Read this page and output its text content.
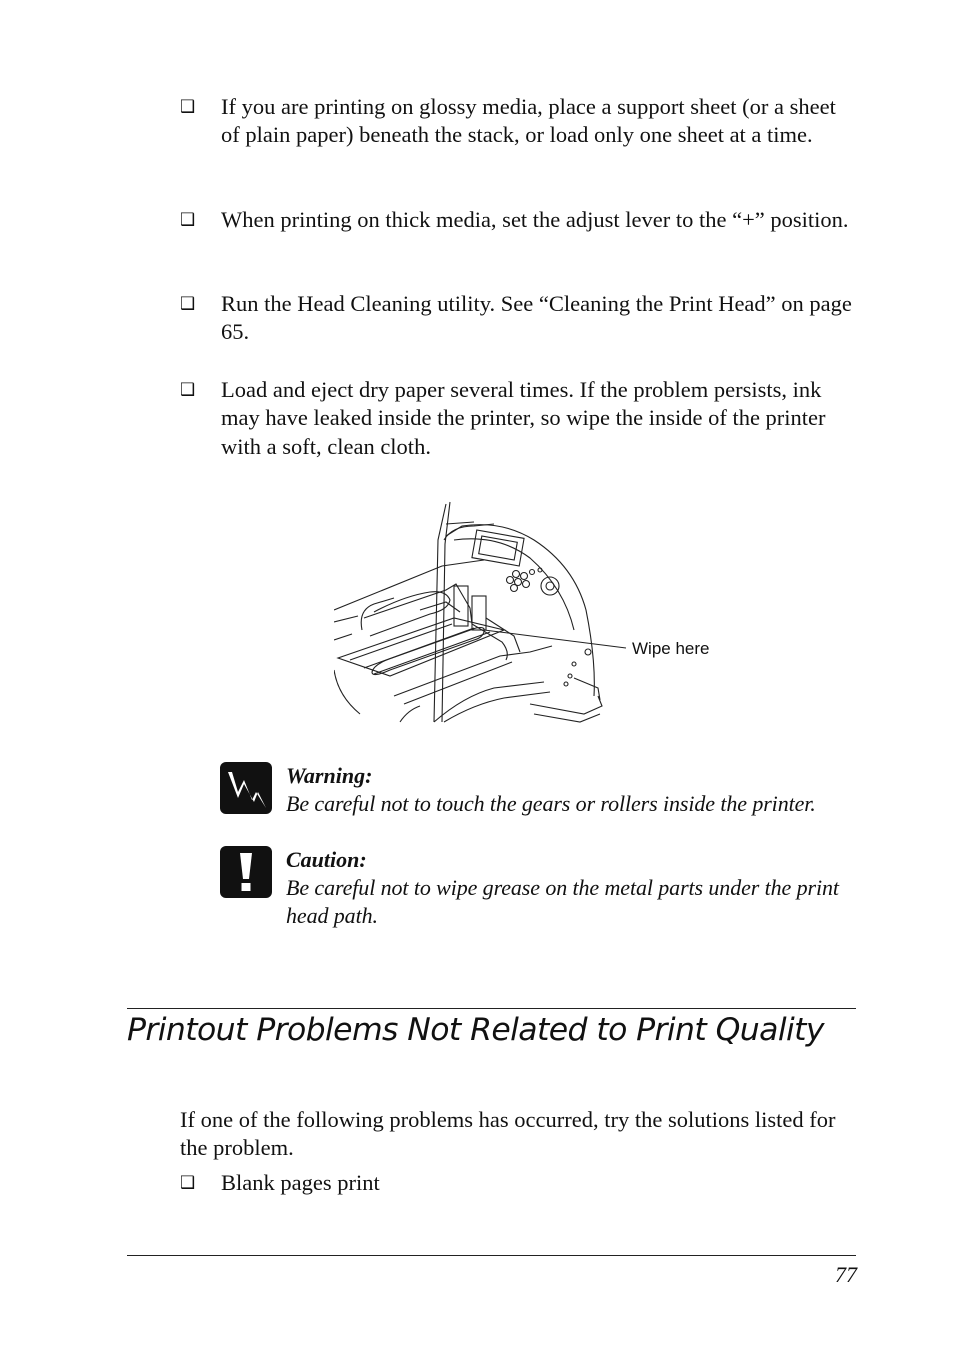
❑ If you are printing on glossy media, place a support sheet (or a sheet of plain paper) beneath the stack, or load only one sheet at a time.
❑ When printing on thick media, set the adjust lever to the “+” position.
❑ Run the Head Cleaning utility. See “Cleaning the Print Head” on page 65.
❑ Load and eject dry paper several times. If the problem persists, ink may have leaked inside the printer, so wipe the inside of the printer with a soft, clean cloth.
Wipe here

Warning:

Be careful not to touch the gears or rollers inside the printer.

Caution:

Be careful not to wipe grease on the metal parts under the print head path.

Printout Problems Not Related to Print Quality

If one of the following problems has occurred, try the solutions listed for the problem.

❑ Blank pages print
77
